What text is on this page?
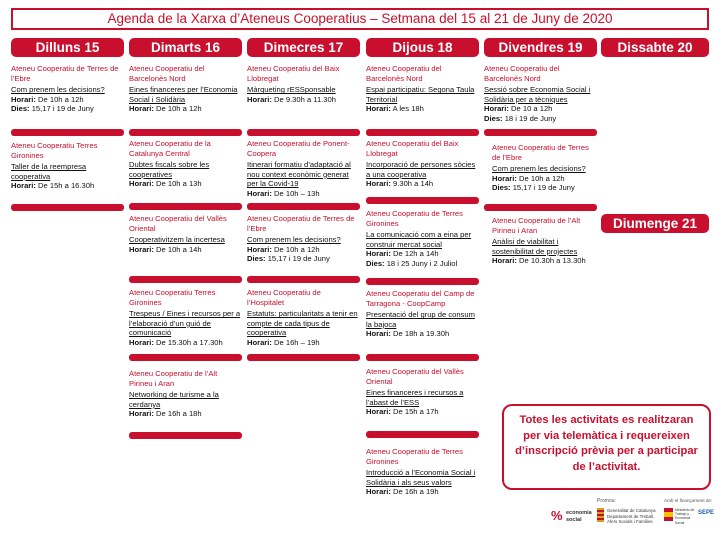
Agenda de la Xarxa d’Ateneus Cooperatius – Setmana del 15 al 21 de Juny de 2020
Dilluns 15
Ateneu Cooperatiu de Terres de l’Ebre
Com prenem les decisions?
Horari: De 10h a 12h
Dies: 15,17 i 19 de Juny
Ateneu Cooperatiu Terres Gironines
Taller de la reempresa cooperativa
Horari: De 15h a 16.30h
Dimarts 16
Ateneu Cooperatiu del Barcelonès Nord
Eines financeres per l’Economia Social i Solidària
Horari: De 10h a 12h
Ateneu Cooperatiu de la Catalunya Central
Dubtes fiscals sobre les cooperatives
Horari: De 10h a 13h
Ateneu Cooperatiu del Vallès Oriental
Cooperativitzem la incertesa
Horari: De 10h a 14h
Ateneu Cooperatiu Terres Gironines
Trespeus / Eines i recursos per a l’elaboració d’un guió de comunicació
Horari: De 15.30h a 17.30h
Ateneu Cooperatiu de l’Alt Pirineu i Aran
Networking de turisme a la cerdanya
Horari: De 16h a 18h
Dimecres 17
Ateneu Cooperatiu del Baix Llobregat
Màrqueting rESSponsable
Horari: De 9.30h a 11.30h
Ateneu Cooperatiu de Ponent-Coopera
Itinerari formatiu d’adaptació al nou context econòmic generat per la Covid-19
Horari: De 10h – 13h
Ateneu Cooperatiu de Terres de l’Ebre
Com prenem les decisions?
Horari: De 10h a 12h
Dies: 15,17 i 19 de Juny
Ateneu Cooperatiu de l’Hospitalet
Estatuts: particularitats a tenir en compte de cada tipus de cooperativa
Horari: De 16h – 19h
Dijous 18
Ateneu Cooperatiu del Barcelonès Nord
Espai participatiu: Segona Taula Territorial
Horari: A les 18h
Ateneu Cooperatiu del Baix Llobregat
Incorporació de persones sòcies a una cooperativa
Horari: 9.30h a 14h
Ateneu Cooperatiu de Terres Gironines
La comunicació com a eina per construir mercat social
Horari: De 12h a 14h
Dies: 18 i 25 Juny i 2 Juliol
Ateneu Cooperatiu del Camp de Tarragona - CoopCamp
Presentació del grup de consum la bajoca
Horari: De 18h a 19.30h
Ateneu Cooperatiu del Vallès Oriental
Eines financeres i recursos a l’abast de l’ESS
Horari: De 15h a 17h
Ateneu Cooperatiu de Terres Gironines
Introducció a l’Economia Social i Solidària i als seus valors
Horari: De 16h a 19h
Divendres 19
Ateneu Cooperatiu del Barcelonès Nord
Sessió sobre Economia Social i Solidària per a tècniques
Horari: De 10 a 12h
Dies: 18 i 19 de Juny
Ateneu Cooperatiu de Terres de l’Ebre
Com prenem les decisions?
Horari: De 10h a 12h
Dies: 15,17 i 19 de Juny
Ateneu Cooperatiu de l’Alt Pirineu i Aran
Anàlisi de viabilitat i sostenibilitat de projectes
Horari: De 10.30h a 13.30h
Dissabte 20
Diumenge 21
Totes les activitats es realitzaran per via telemàtica i requereixen d’inscripció prèvia per a participar de l’activitat.
% economia social
Promou:
Generalitat de Catalunya Departament de Treball, Afers Socials i Famílies
Amb el finançament de:
Ministerio de Trabajo y Economía Social
SEPE
